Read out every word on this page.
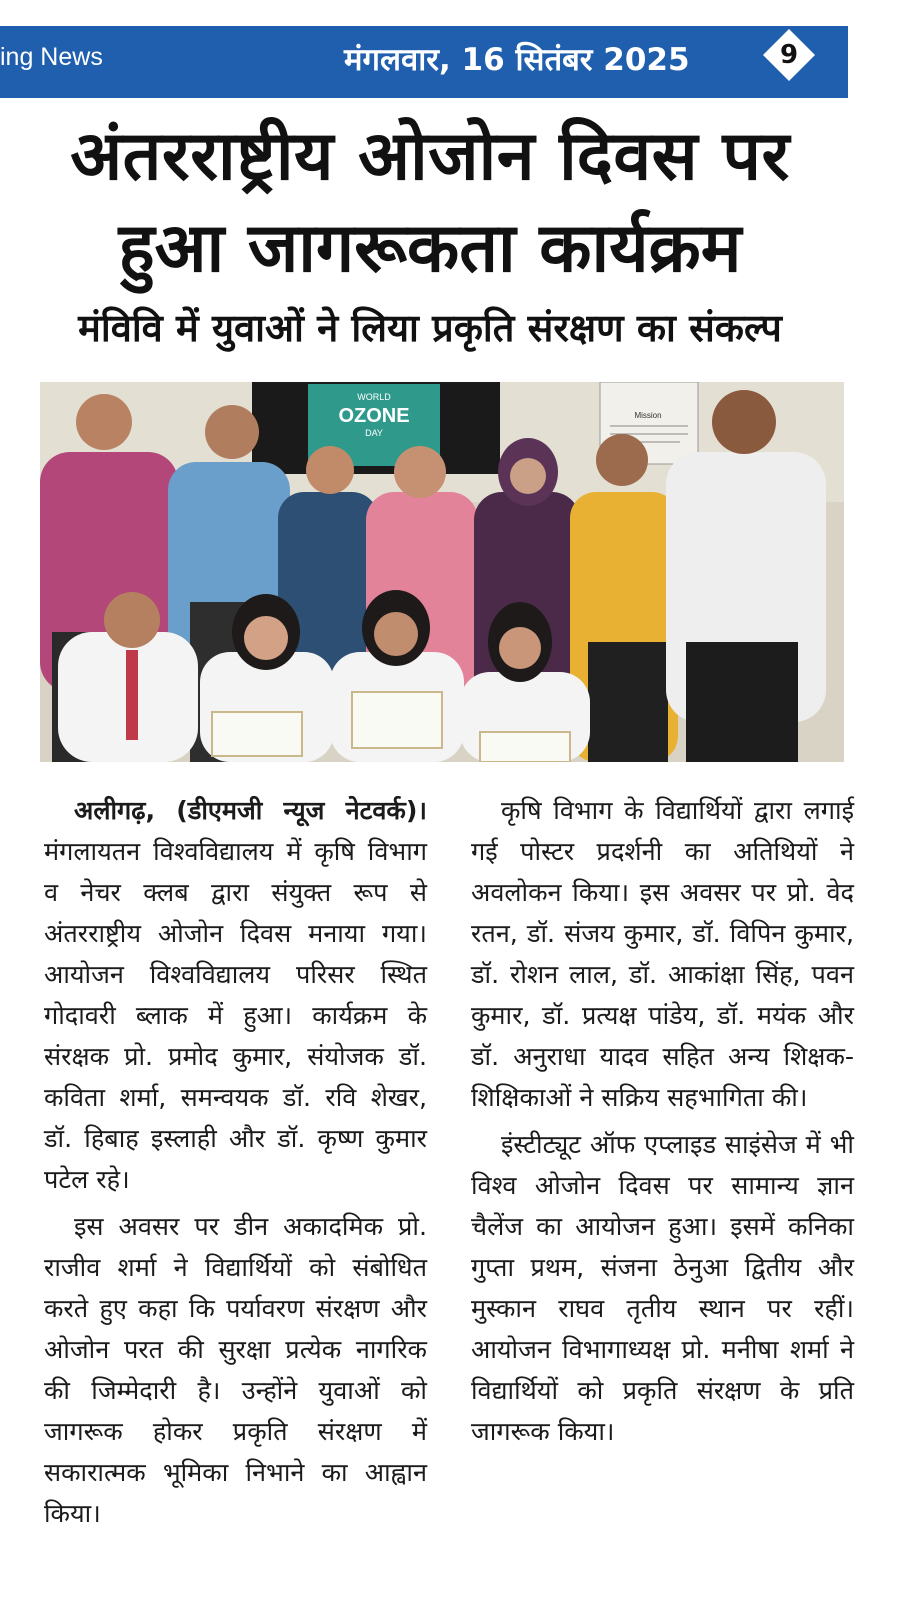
ing News	मंगलवार, 16 सितंबर 2025	9
अंतरराष्ट्रीय ओजोन दिवस पर
हुआ जागरूकता कार्यक्रम
मंविवि में युवाओं ने लिया प्रकृति संरक्षण का संकल्प
WORLD
OZONE
DAY
Mission

अलीगढ़, (डीएमजी न्यूज नेटवर्क)। मंगलायतन विश्वविद्यालय में कृषि विभाग व नेचर क्लब द्वारा संयुक्त रूप से अंतरराष्ट्रीय ओजोन दिवस मनाया गया। आयोजन विश्वविद्यालय परिसर स्थित गोदावरी ब्लाक में हुआ। कार्यक्रम के संरक्षक प्रो. प्रमोद कुमार, संयोजक डॉ. कविता शर्मा, समन्वयक डॉ. रवि शेखर, डॉ. हिबाह इस्लाही और डॉ. कृष्ण कुमार पटेल रहे।

इस अवसर पर डीन अकादमिक प्रो. राजीव शर्मा ने विद्यार्थियों को संबोधित करते हुए कहा कि पर्यावरण संरक्षण और ओजोन परत की सुरक्षा प्रत्येक नागरिक की जिम्मेदारी है। उन्होंने युवाओं को जागरूक होकर प्रकृति संरक्षण में सकारात्मक भूमिका निभाने का आह्वान किया।

कृषि विभाग के विद्यार्थियों द्वारा लगाई गई पोस्टर प्रदर्शनी का अतिथियों ने अवलोकन किया। इस अवसर पर प्रो. वेद रतन, डॉ. संजय कुमार, डॉ. विपिन कुमार, डॉ. रोशन लाल, डॉ. आकांक्षा सिंह, पवन कुमार, डॉ. प्रत्यक्ष पांडेय, डॉ. मयंक और डॉ. अनुराधा यादव सहित अन्य शिक्षक-शिक्षिकाओं ने सक्रिय सहभागिता की।

इंस्टीट्यूट ऑफ एप्लाइड साइंसेज में भी विश्व ओजोन दिवस पर सामान्य ज्ञान चैलेंज का आयोजन हुआ। इसमें कनिका गुप्ता प्रथम, संजना ठेनुआ द्वितीय और मुस्कान राघव तृतीय स्थान पर रहीं। आयोजन विभागाध्यक्ष प्रो. मनीषा शर्मा ने विद्यार्थियों को प्रकृति संरक्षण के प्रति जागरूक किया।
